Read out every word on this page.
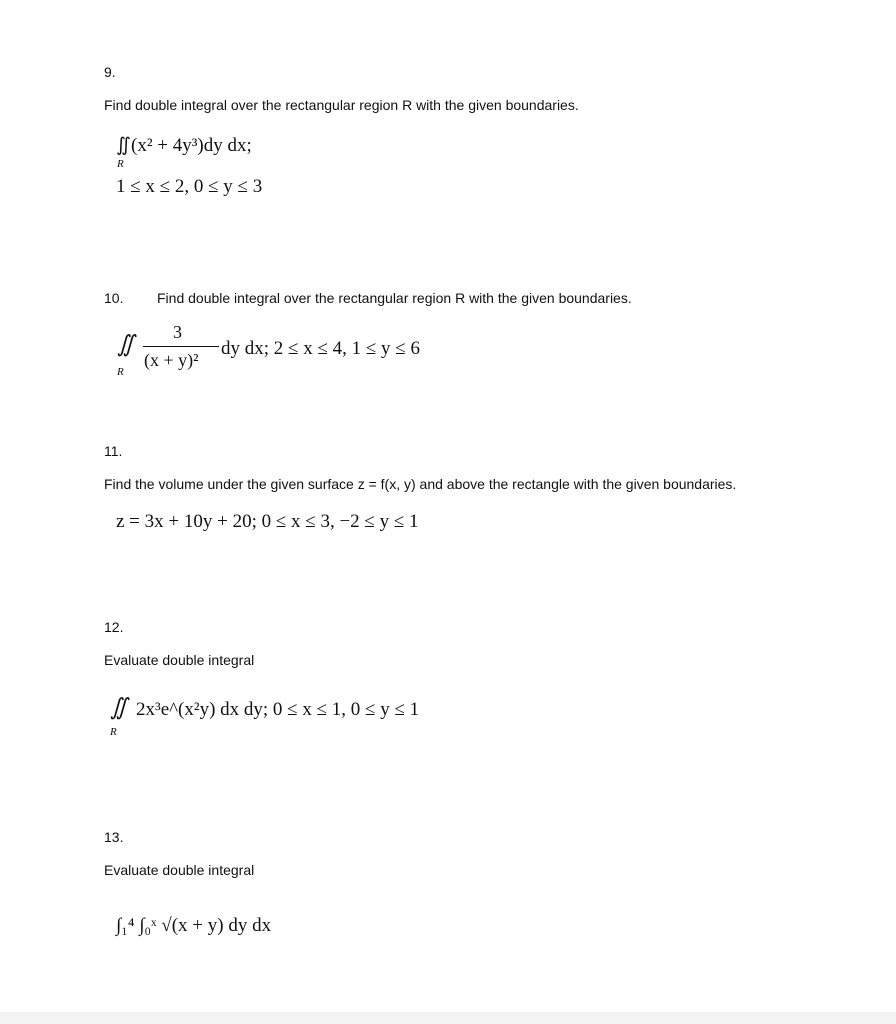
9.
Find double integral over the rectangular region R with the given boundaries.
∬(x² + 4y³)dy dx;
R
1 ≤ x ≤ 2, 0 ≤ y ≤ 3
10. Find double integral over the rectangular region R with the given boundaries.
∬
R
3
(x + y)²
dy dx; 2 ≤ x ≤ 4, 1 ≤ y ≤ 6
11.
Find the volume under the given surface z = f(x, y) and above the rectangle with the given boundaries.
z = 3x + 10y + 20; 0 ≤ x ≤ 3, −2 ≤ y ≤ 1
12.
Evaluate double integral
∬
R
2x³e^(x²y) dx dy; 0 ≤ x ≤ 1, 0 ≤ y ≤ 1
13.
Evaluate double integral
∫₁⁴ ∫₀ˣ √(x + y) dy dx
